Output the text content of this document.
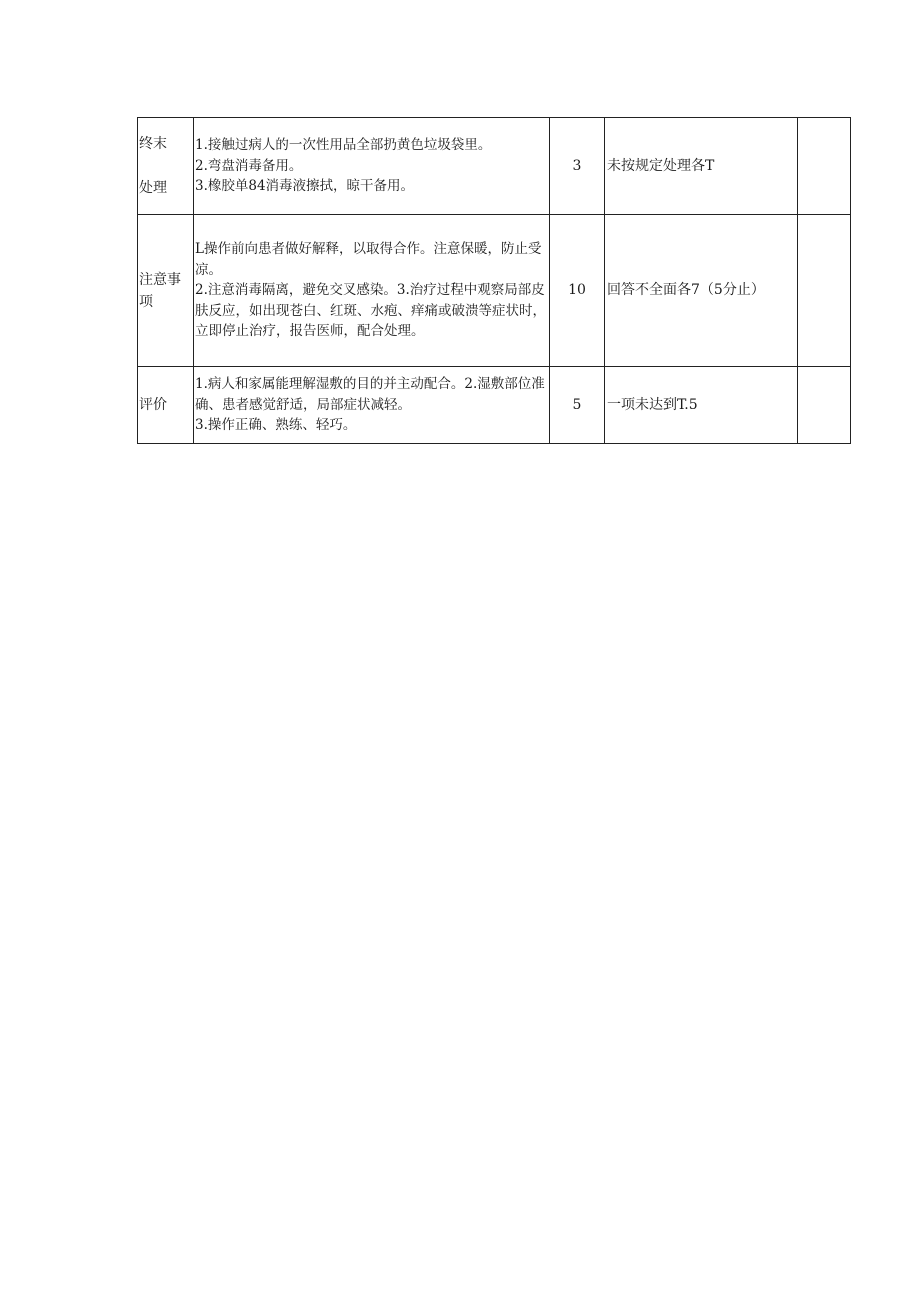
终末
处理	1.接触过病人的一次性用品全部扔黄色垃圾袋里。
2.弯盘消毒备用。
3.橡胶单84消毒液擦拭，晾干备用。	3	未按规定处理各T	

注意事
项	L操作前向患者做好解释，以取得合作。注意保暖，防止受凉。
2.注意消毒隔离，避免交叉感染。3.治疗过程中观察局部皮肤反应，如出现苍白、红斑、水疱、痒痛或破溃等症状时，立即停止治疗，报告医师，配合处理。	10	回答不全面各7（5分止）	
评价	1.病人和家属能理解湿敷的目的并主动配合。2.湿敷部位准确、患者感觉舒适，局部症状减轻。
3.操作正确、熟练、轻巧。	5	一项未达到T.5	
